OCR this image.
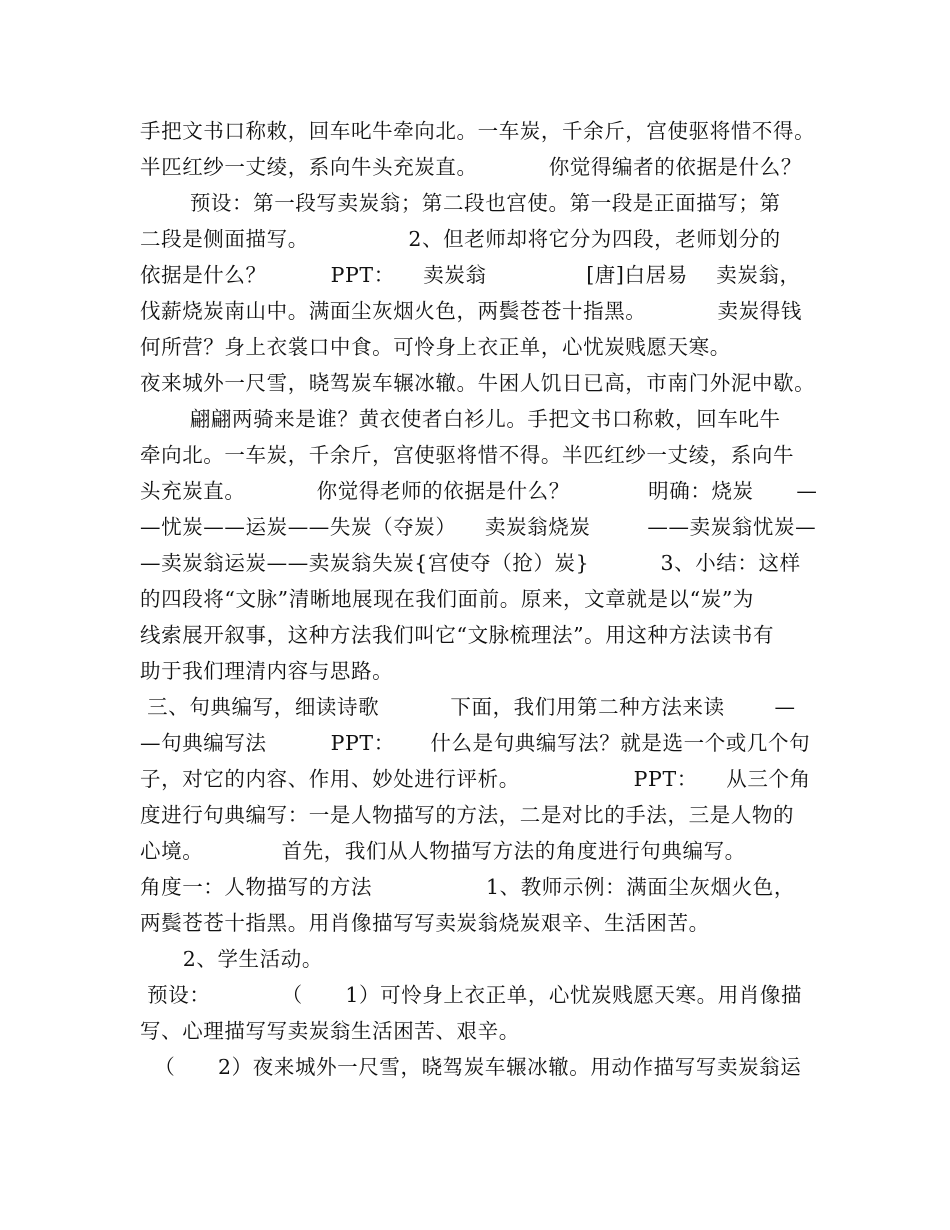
手把文书口称敕，回车叱牛牵向北。一车炭，千余斤，宫使驱将惜不得。
半匹红纱一丈绫，系向牛头充炭直。          你觉得编者的依据是什么？
预设：第一段写卖炭翁；第二段也宫使。第一段是正面描写；第
二段是侧面描写。              2、但老师却将它分为四段，老师划分的
依据是什么？         PPT：    卖炭翁              [唐]白居易    卖炭翁，
伐薪烧炭南山中。满面尘灰烟火色，两鬓苍苍十指黑。          卖炭得钱
何所营？身上衣裳口中食。可怜身上衣正单，心忧炭贱愿天寒。
夜来城外一尺雪，晓驾炭车辗冰辙。牛困人饥日已高，市南门外泥中歇。
翩翩两骑来是谁？黄衣使者白衫儿。手把文书口称敕，回车叱牛
牵向北。一车炭，千余斤，宫使驱将惜不得。半匹红纱一丈绫，系向牛
头充炭直。          你觉得老师的依据是什么？           明确：烧炭      —
—忧炭——运炭——失炭（夺炭）    卖炭翁烧炭        ——卖炭翁忧炭—
—卖炭翁运炭——卖炭翁失炭{宫使夺（抢）炭}          3、小结：这样
的四段将“文脉”清晰地展现在我们面前。原来，文章就是以“炭”为
线索展开叙事，这种方法我们叫它“文脉梳理法”。用这种方法读书有
助于我们理清内容与思路。
三、句典编写，细读诗歌          下面，我们用第二种方法来读       —
—句典编写法         PPT：     什么是句典编写法？就是选一个或几个句
子，对它的内容、作用、妙处进行评析。                PPT：    从三个角
度进行句典编写：一是人物描写的方法，二是对比的手法，三是人物的
心境。           首先，我们从人物描写方法的角度进行句典编写。
角度一：人物描写的方法                1、教师示例：满面尘灰烟火色，
两鬓苍苍十指黑。用肖像描写写卖炭翁烧炭艰辛、生活困苦。
2、学生活动。
预设：          （      1）可怜身上衣正单，心忧炭贱愿天寒。用肖像描
写、心理描写写卖炭翁生活困苦、艰辛。
（      2）夜来城外一尺雪，晓驾炭车辗冰辙。用动作描写写卖炭翁运
